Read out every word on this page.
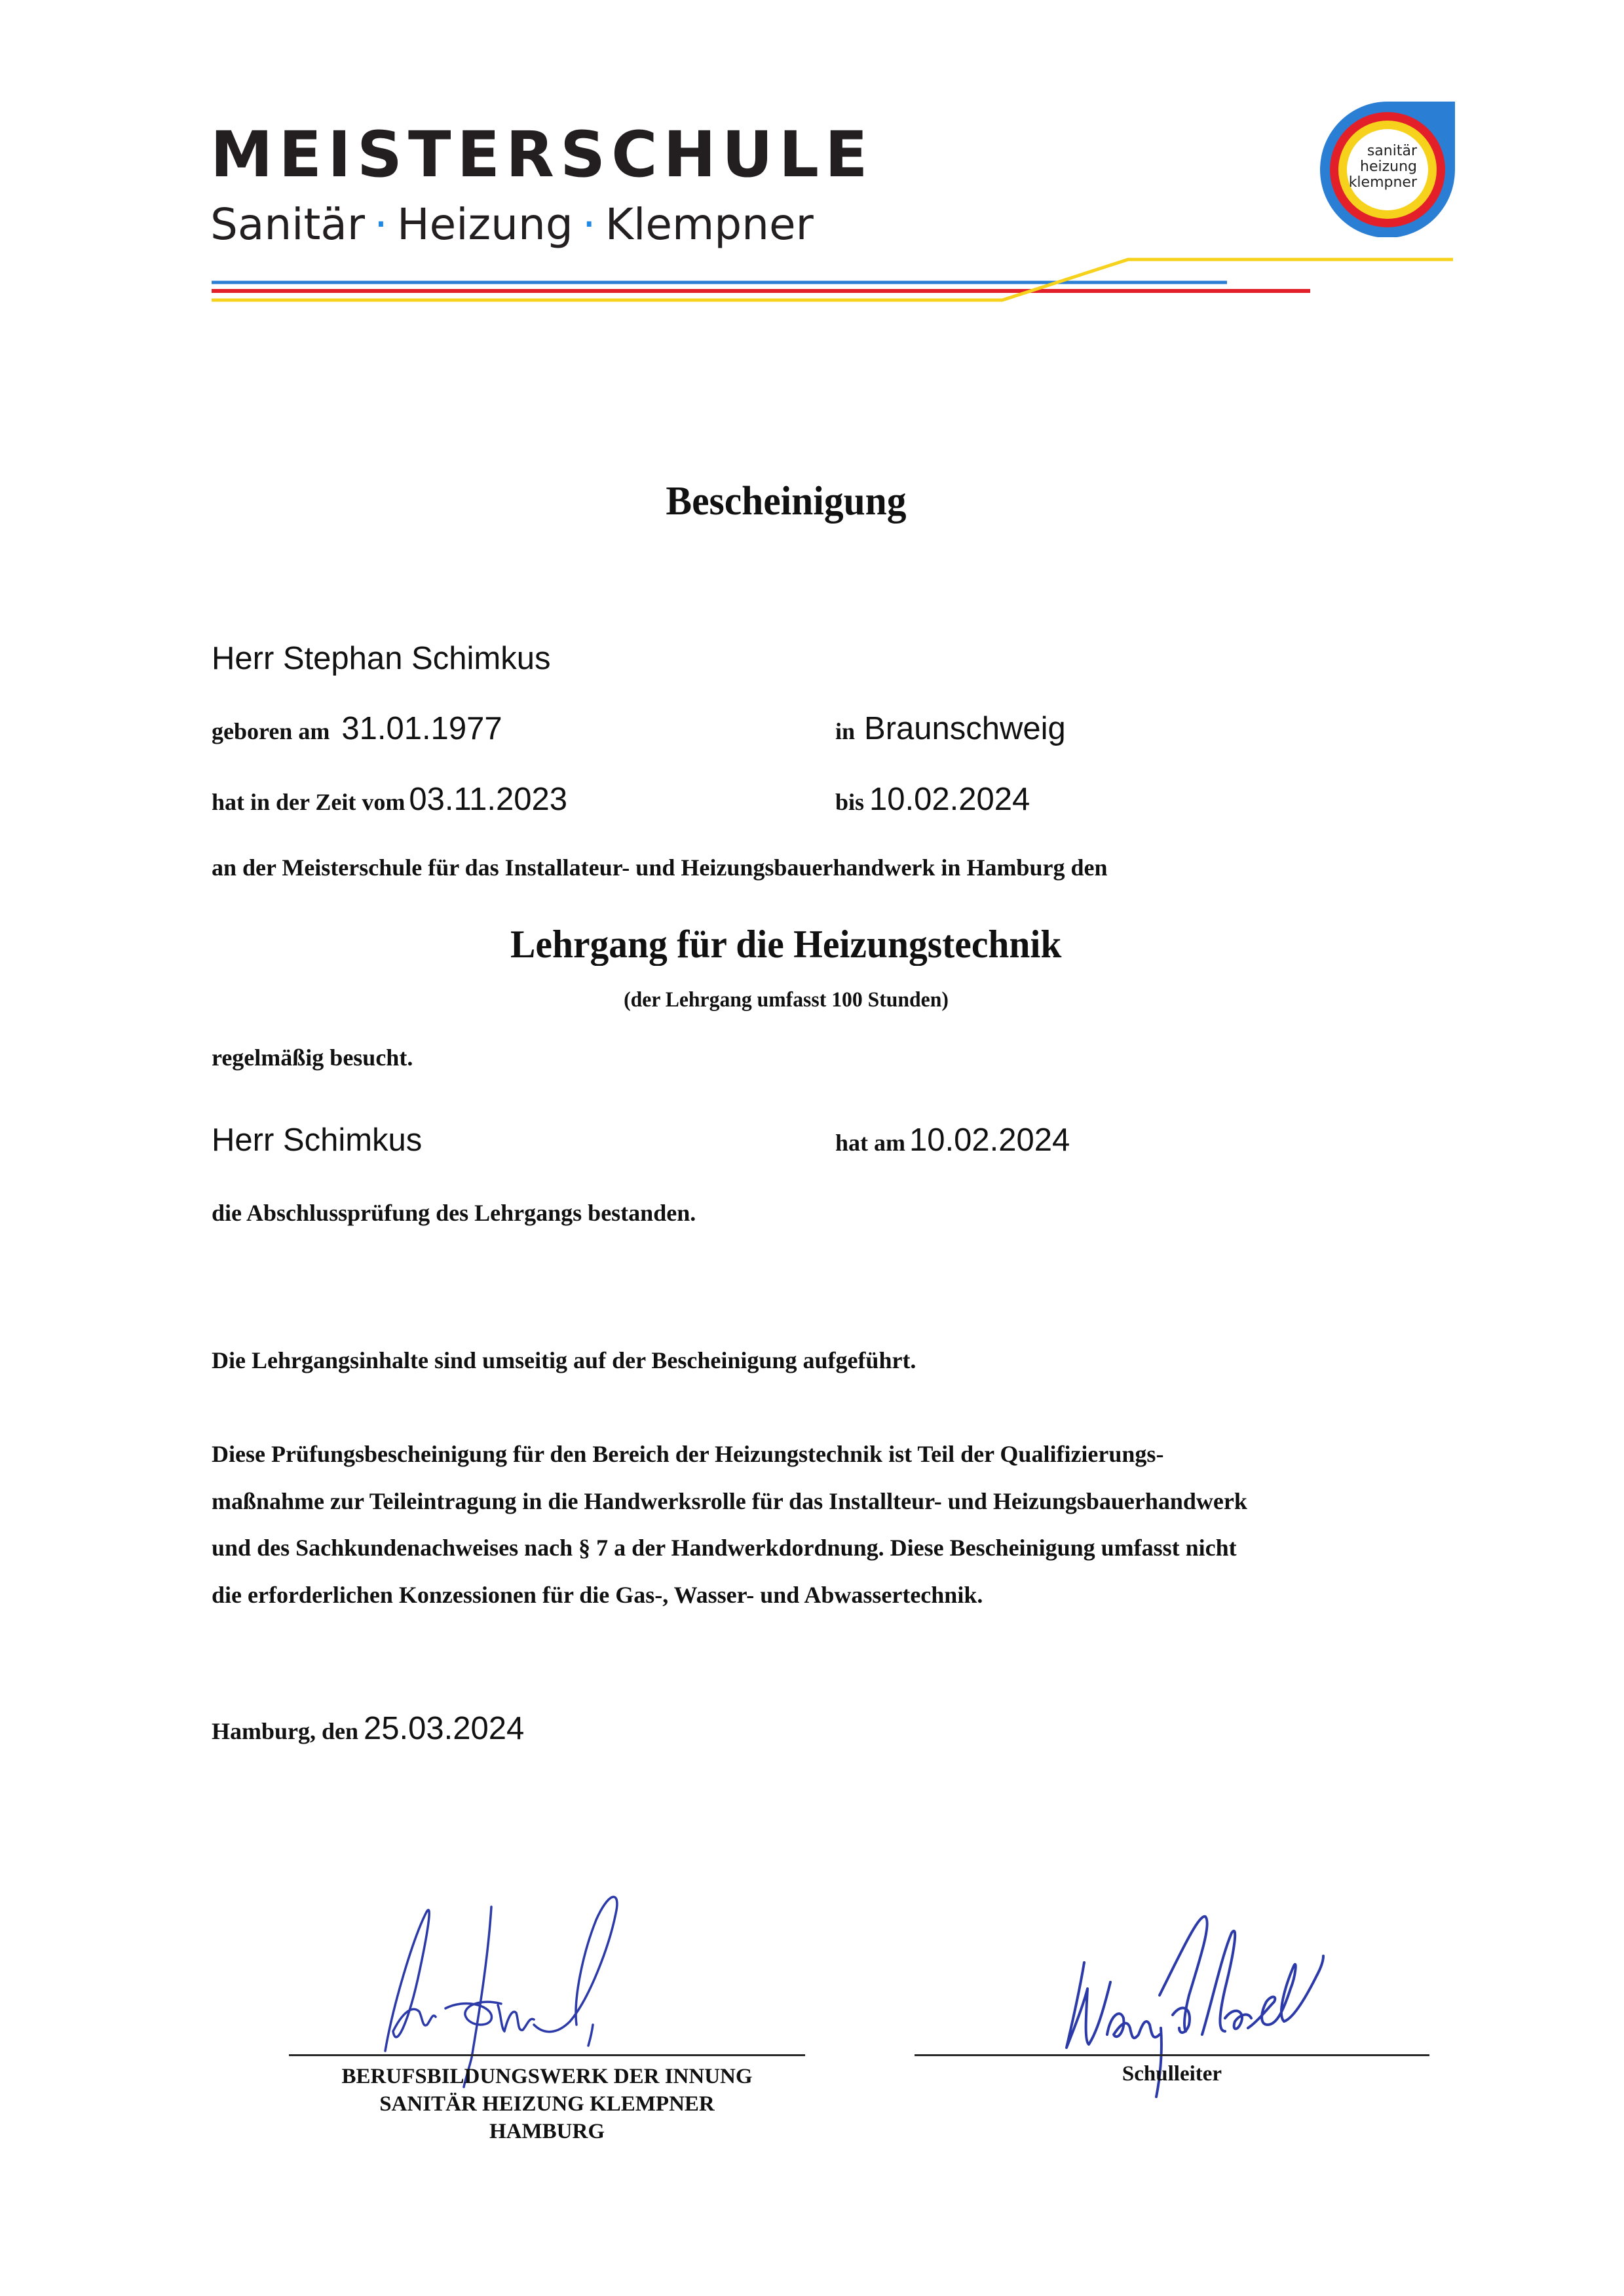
MEISTERSCHULE
Sanitär · Heizung · Klempner
sanitär
heizung
klempner
Bescheinigung
Herr Stephan Schimkus
geboren am 31.01.1977	in Braunschweig
hat in der Zeit vom 03.11.2023	bis 10.02.2024
an der Meisterschule für das Installateur- und Heizungsbauerhandwerk in Hamburg den
Lehrgang für die Heizungstechnik
(der Lehrgang umfasst 100 Stunden)
regelmäßig besucht.
Herr Schimkus	hat am 10.02.2024
die Abschlussprüfung des Lehrgangs bestanden.
Die Lehrgangsinhalte sind umseitig auf der Bescheinigung aufgeführt.
Diese Prüfungsbescheinigung für den Bereich der Heizungstechnik ist Teil der Qualifizierungs-
maßnahme zur Teileintragung in die Handwerksrolle für das Installteur- und Heizungsbauerhandwerk
und des Sachkundenachweises nach § 7 a der Handwerkdordnung. Diese Bescheinigung umfasst nicht
die erforderlichen Konzessionen für die Gas-, Wasser- und Abwassertechnik.
Hamburg, den 25.03.2024
BERUFSBILDUNGSWERK DER INNUNG
SANITÄR HEIZUNG KLEMPNER
HAMBURG
Schulleiter
